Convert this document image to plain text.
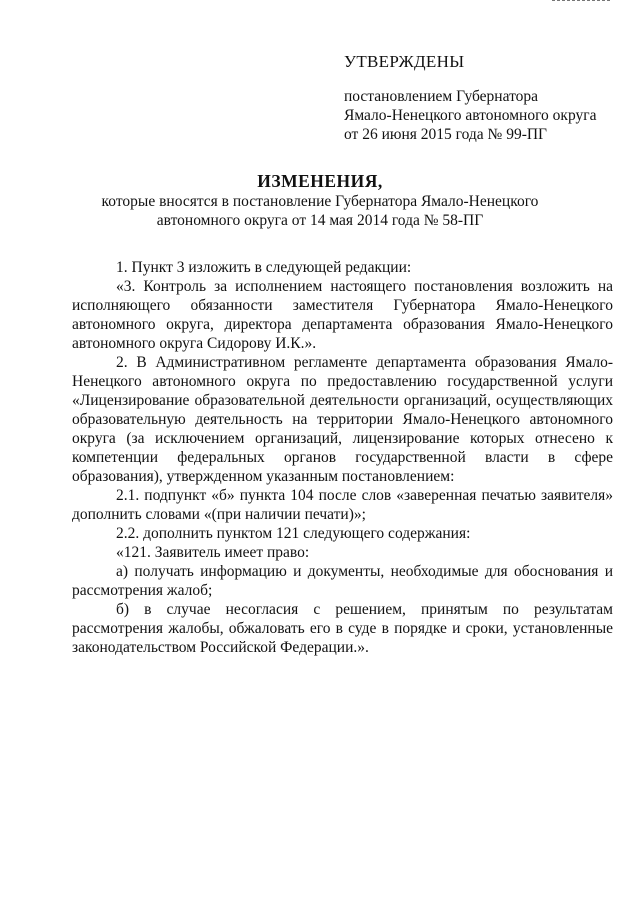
УТВЕРЖДЕНЫ
постановлением Губернатора
Ямало-Ненецкого автономного округа
от 26 июня 2015 года № 99-ПГ
ИЗМЕНЕНИЯ,
которые вносятся в постановление Губернатора Ямало-Ненецкого
автономного округа от 14 мая 2014 года № 58-ПГ

1. Пункт 3 изложить в следующей редакции:

«3. Контроль за исполнением настоящего постановления возложить на исполняющего обязанности заместителя Губернатора Ямало-Ненецкого автономного округа, директора департамента образования Ямало-Ненецкого автономного округа Сидорову И.К.».

2. В Административном регламенте департамента образования Ямало-Ненецкого автономного округа по предоставлению государственной услуги «Лицензирование образовательной деятельности организаций, осуществляющих образовательную деятельность на территории Ямало-Ненецкого автономного округа (за исключением организаций, лицензирование которых отнесено к компетенции федеральных органов государственной власти в сфере образования), утвержденном указанным постановлением:

2.1. подпункт «б» пункта 104 после слов «заверенная печатью заявителя» дополнить словами «(при наличии печати)»;

2.2. дополнить пунктом 121 следующего содержания:

«121. Заявитель имеет право:

а) получать информацию и документы, необходимые для обоснования и рассмотрения жалоб;

б) в случае несогласия с решением, принятым по результатам рассмотрения жалобы, обжаловать его в суде в порядке и сроки, установленные законодательством Российской Федерации.».
